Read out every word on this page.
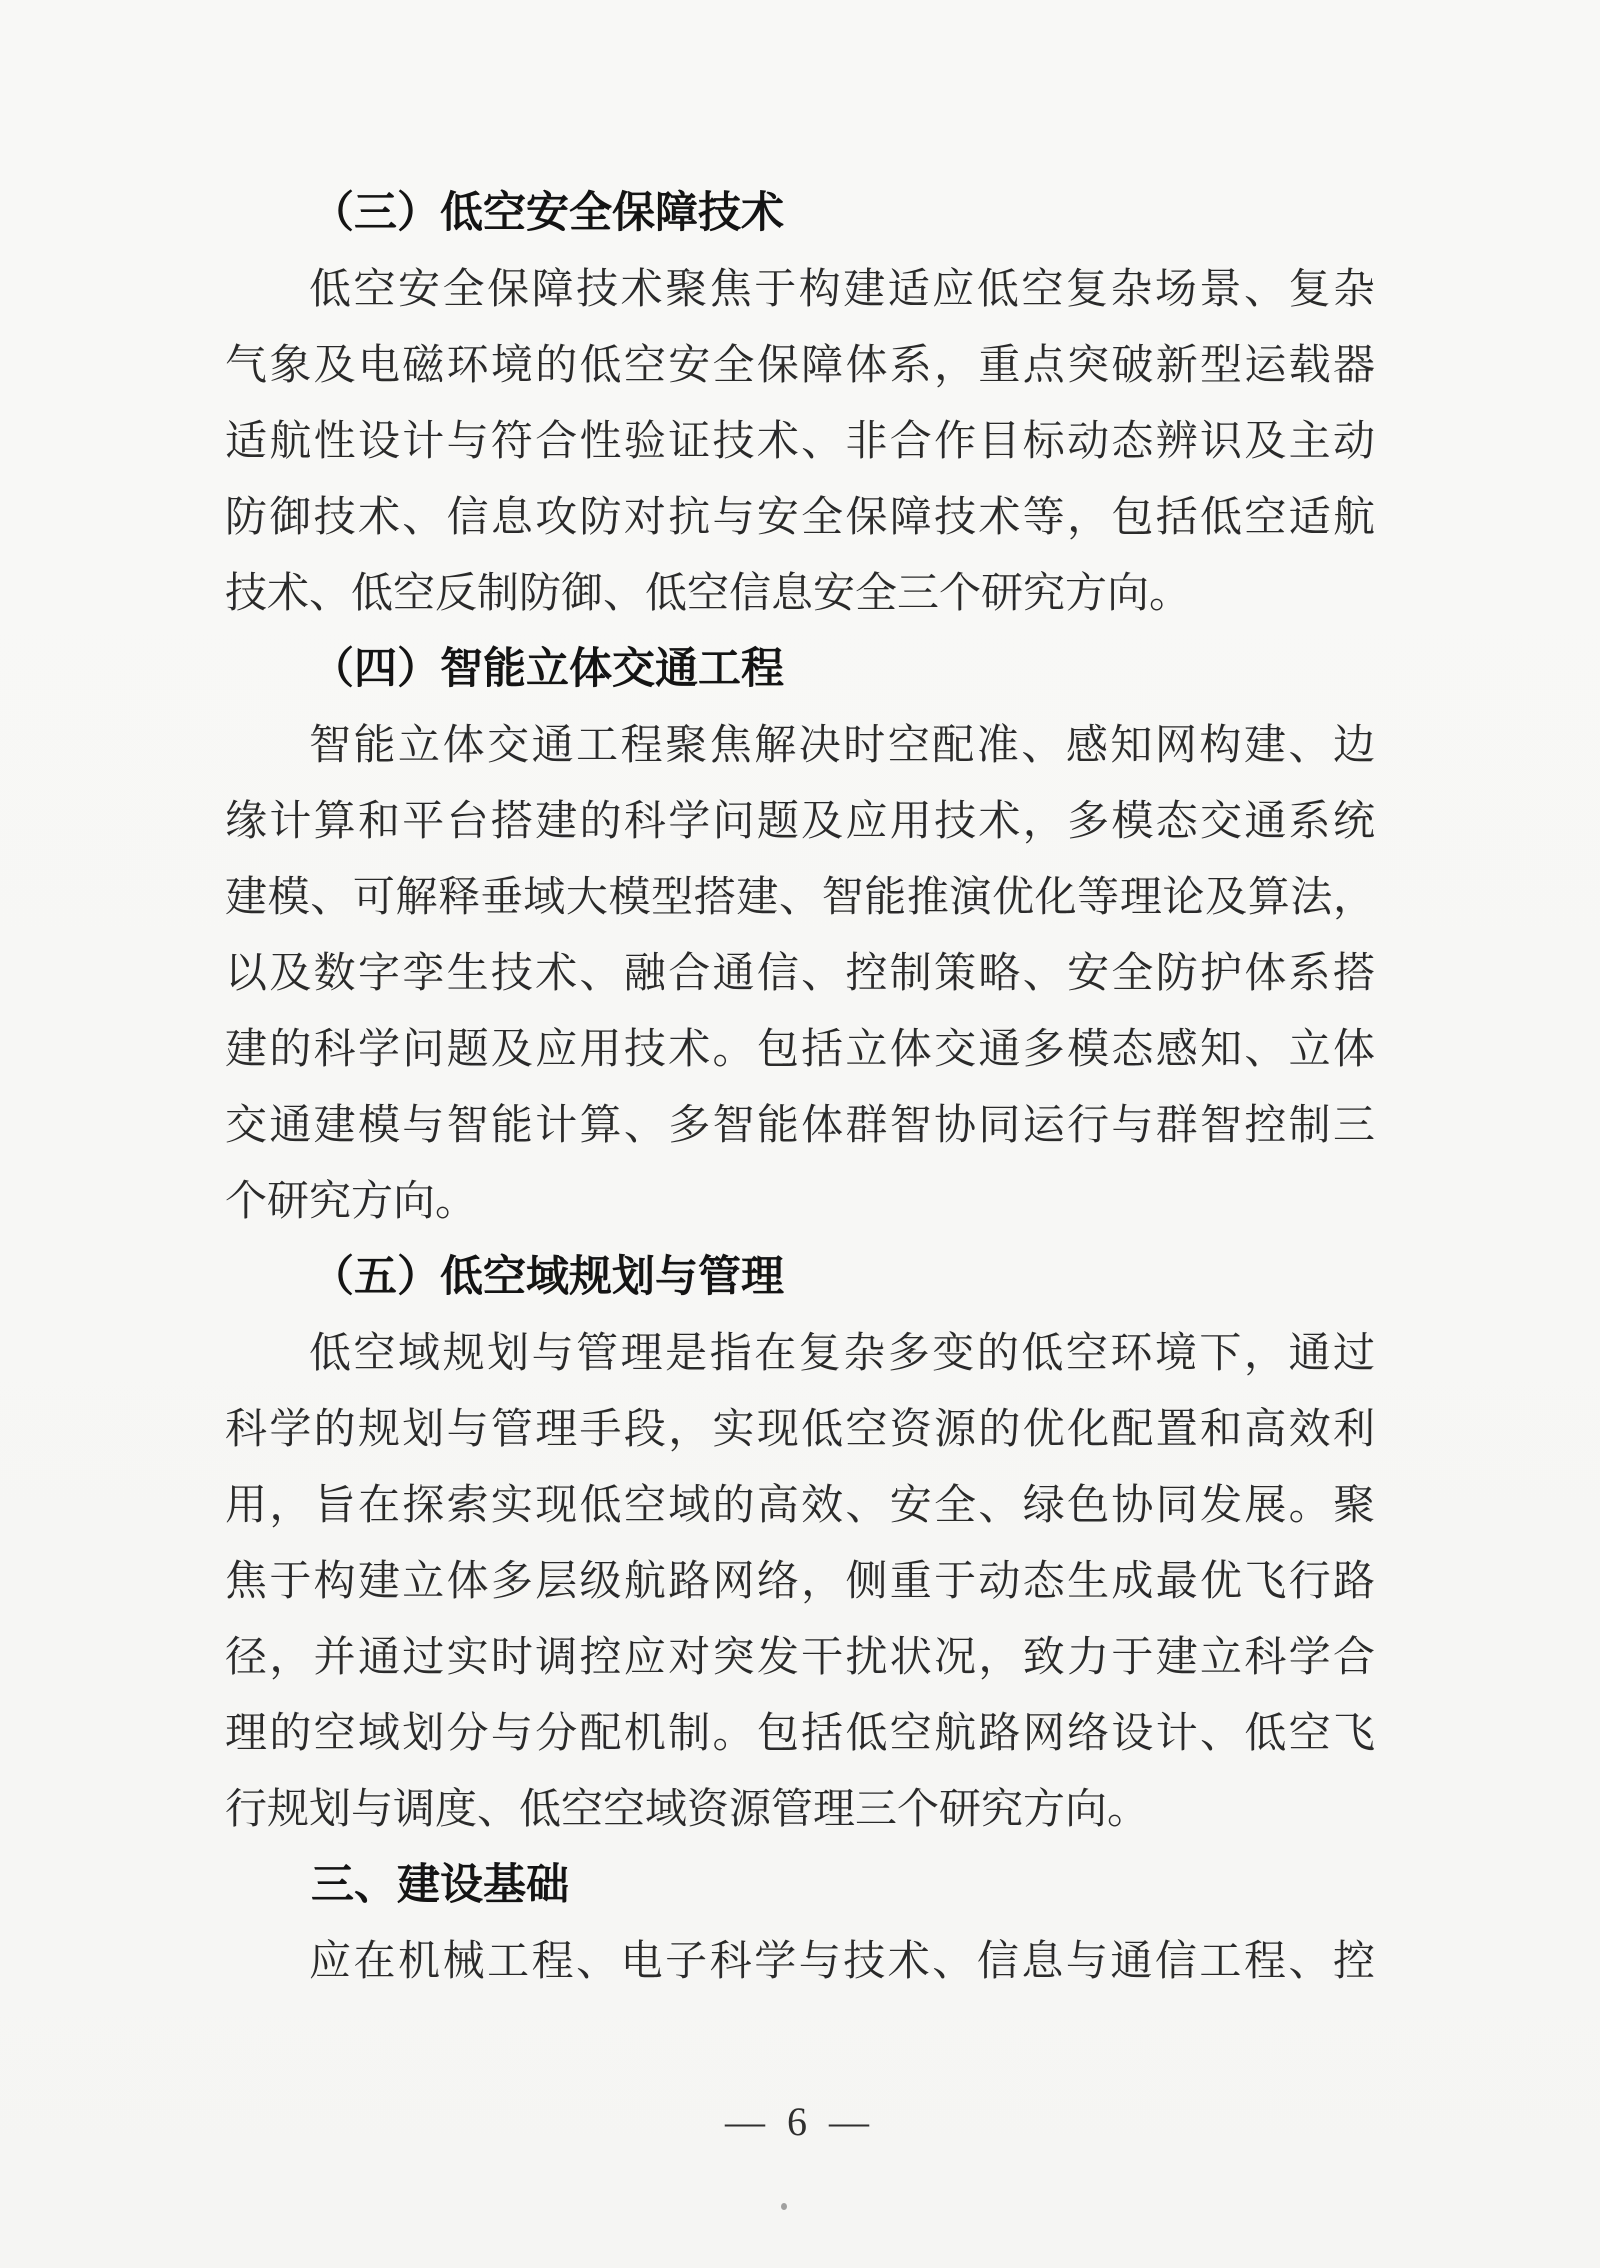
（三）低空安全保障技术
低空安全保障技术聚焦于构建适应低空复杂场景、复杂
气象及电磁环境的低空安全保障体系，重点突破新型运载器
适航性设计与符合性验证技术、非合作目标动态辨识及主动
防御技术、信息攻防对抗与安全保障技术等，包括低空适航
技术、低空反制防御、低空信息安全三个研究方向。
（四）智能立体交通工程
智能立体交通工程聚焦解决时空配准、感知网构建、边
缘计算和平台搭建的科学问题及应用技术，多模态交通系统
建模、可解释垂域大模型搭建、智能推演优化等理论及算法，
以及数字孪生技术、融合通信、控制策略、安全防护体系搭
建的科学问题及应用技术。包括立体交通多模态感知、立体
交通建模与智能计算、多智能体群智协同运行与群智控制三
个研究方向。
（五）低空域规划与管理
低空域规划与管理是指在复杂多变的低空环境下，通过
科学的规划与管理手段，实现低空资源的优化配置和高效利
用，旨在探索实现低空域的高效、安全、绿色协同发展。聚
焦于构建立体多层级航路网络，侧重于动态生成最优飞行路
径，并通过实时调控应对突发干扰状况，致力于建立科学合
理的空域划分与分配机制。包括低空航路网络设计、低空飞
行规划与调度、低空空域资源管理三个研究方向。
三、建设基础
应在机械工程、电子科学与技术、信息与通信工程、控
— 6 —
